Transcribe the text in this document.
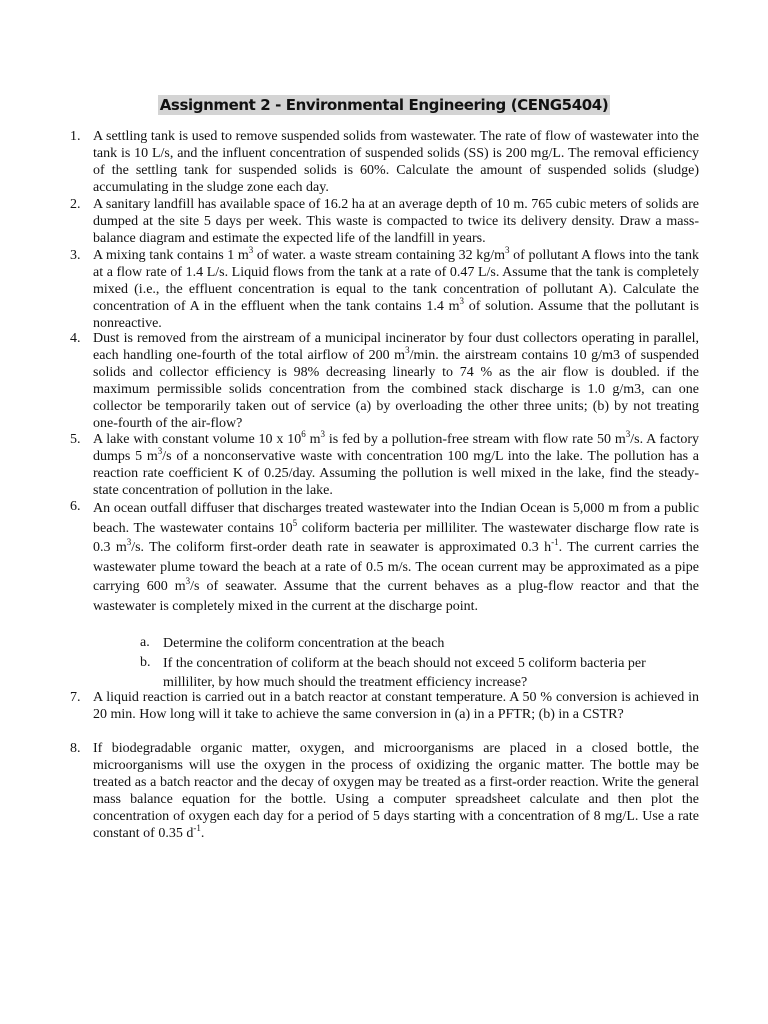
Assignment 2 - Environmental Engineering (CENG5404)
1. A settling tank is used to remove suspended solids from wastewater. The rate of flow of wastewater into the tank is 10 L/s, and the influent concentration of suspended solids (SS) is 200 mg/L. The removal efficiency of the settling tank for suspended solids is 60%. Calculate the amount of suspended solids (sludge) accumulating in the sludge zone each day.
2. A sanitary landfill has available space of 16.2 ha at an average depth of 10 m. 765 cubic meters of solids are dumped at the site 5 days per week. This waste is compacted to twice its delivery density. Draw a mass-balance diagram and estimate the expected life of the landfill in years.
3. A mixing tank contains 1 $m^3$ of water. a waste stream containing 32 $kg/m^3$ of pollutant A flows into the tank at a flow rate of 1.4 L/s. Liquid flows from the tank at a rate of 0.47 L/s. Assume that the tank is completely mixed (i.e., the effluent concentration is equal to the tank concentration of pollutant A). Calculate the concentration of A in the effluent when the tank contains 1.4 $m^3$ of solution. Assume that the pollutant is nonreactive.
4. Dust is removed from the airstream of a municipal incinerator by four dust collectors operating in parallel, each handling one-fourth of the total airflow of 200 $m^3/\min$. the airstream contains 10 g/m3 of suspended solids and collector efficiency is 98% decreasing linearly to 74 % as the air flow is doubled. if the maximum permissible solids concentration from the combined stack discharge is 1.0 g/m3, can one collector be temporarily taken out of service (a) by overloading the other three units; (b) by not treating one-fourth of the air-flow?
5. A lake with constant volume 10 x $10^6$ $m^3$ is fed by a pollution-free stream with flow rate 50 $m^3/s$. A factory dumps 5 $m^3/s$ of a nonconservative waste with concentration 100 mg/L into the lake. The pollution has a reaction rate coefficient K of 0.25/day. Assuming the pollution is well mixed in the lake, find the steady-state concentration of pollution in the lake.
6. An ocean outfall diffuser that discharges treated wastewater into the Indian Ocean is 5,000 m from a public beach. The wastewater contains $10^5$ coliform bacteria per milliliter. The wastewater discharge flow rate is 0.3 $m^3/s$. The coliform first-order death rate in seawater is approximated 0.3 $h^{-1}$. The current carries the wastewater plume toward the beach at a rate of 0.5 m/s. The ocean current may be approximated as a pipe carrying 600 $m^3/s$ of seawater. Assume that the current behaves as a plug-flow reactor and that the wastewater is completely mixed in the current at the discharge point.
a. Determine the coliform concentration at the beach
b. If the concentration of coliform at the beach should not exceed 5 coliform bacteria per milliliter, by how much should the treatment efficiency increase?
7. A liquid reaction is carried out in a batch reactor at constant temperature. A 50 % conversion is achieved in 20 min. How long will it take to achieve the same conversion in (a) in a PFTR; (b) in a CSTR?
8. If biodegradable organic matter, oxygen, and microorganisms are placed in a closed bottle, the microorganisms will use the oxygen in the process of oxidizing the organic matter. The bottle may be treated as a batch reactor and the decay of oxygen may be treated as a first-order reaction. Write the general mass balance equation for the bottle. Using a computer spreadsheet calculate and then plot the concentration of oxygen each day for a period of 5 days starting with a concentration of 8 mg/L. Use a rate constant of 0.35 $d^{-1}$.
